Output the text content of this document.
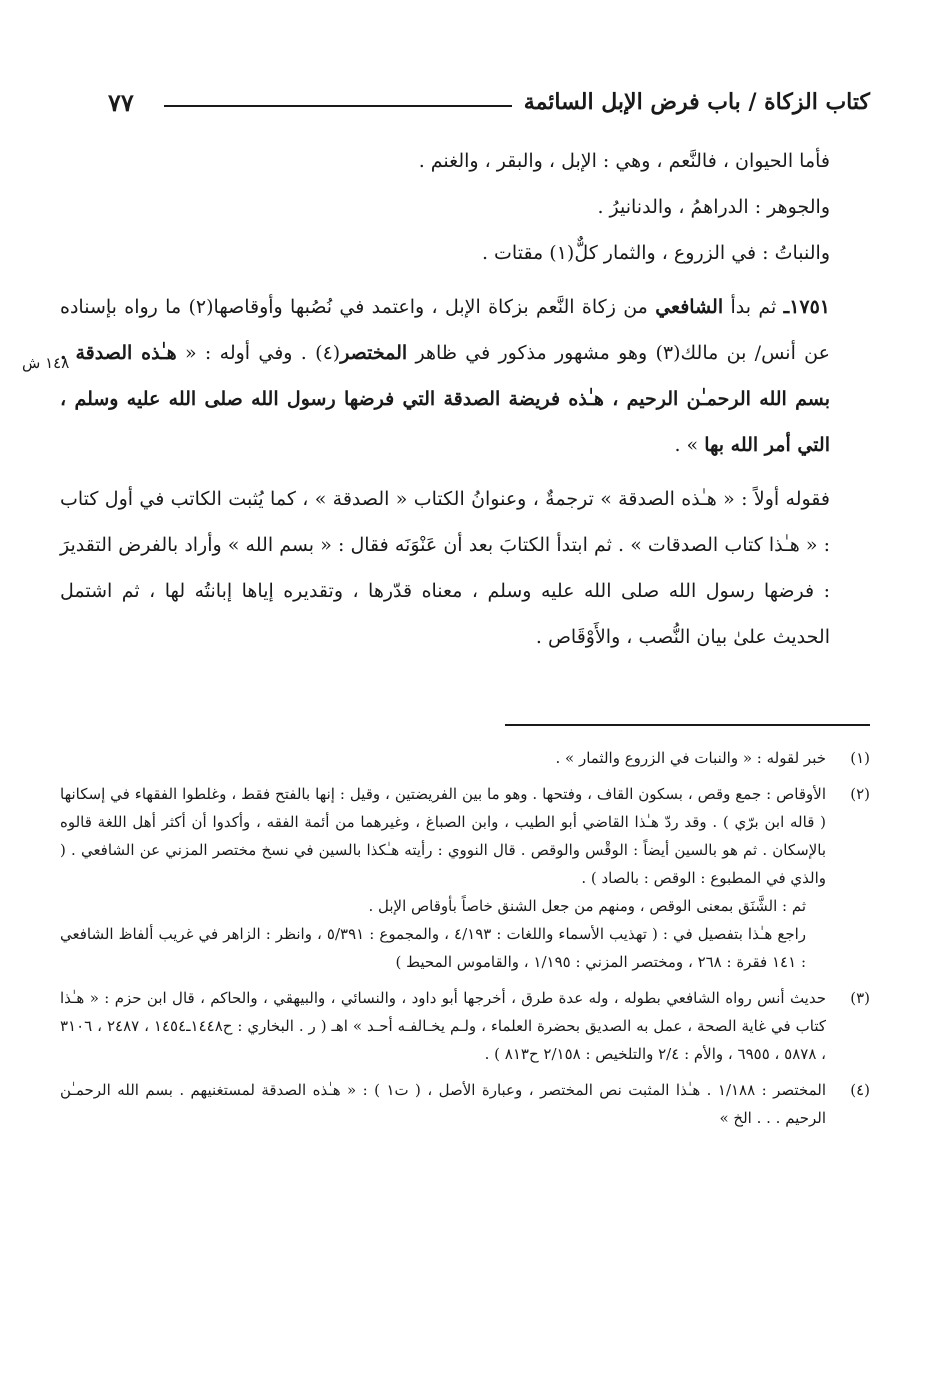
٧٧	كتاب الزكاة / باب فرض الإبل السائمة
١٤٨ ش

فأما الحيوان ، فالنَّعم ، وهي : الإبل ، والبقر ، والغنم .

والجوهر : الدراهمُ ، والدنانيرُ .

والنباتُ : في الزروع ، والثمار كلٌّ(١) مقتات .

١٧٥١ـ ثم بدأ الشافعي من زكاة النَّعم بزكاة الإبل ، واعتمد في نُصُبها وأوقاصها(٢) ما رواه بإسناده عن أنس/ بن مالك(٣) وهو مشهور مذكور في ظاهر المختصر(٤) . وفي أوله : « هـٰذه الصدقة . بسم الله الرحمـٰن الرحيم ، هـٰذه فريضة الصدقة التي فرضها رسول الله صلى الله عليه وسلم ، التي أمر الله بها » .

فقوله أولاً : « هـٰذه الصدقة » ترجمةٌ ، وعنوانُ الكتاب « الصدقة » ، كما يُثبت الكاتب في أول كتاب : « هـٰذا كتاب الصدقات » . ثم ابتدأ الكتابَ بعد أن عَنْوَنَه فقال : « بسم الله » وأراد بالفرض التقديرَ : فرضها رسول الله صلى الله عليه وسلم ، معناه قدّرها ، وتقديره إياها إبانتُه لها ، ثم اشتمل الحديث علىٰ بيان النُّصب ، والأَوْقَاص .

(١)

خبر لقوله : « والنبات في الزروع والثمار » .

(٢)

الأوقاص : جمع وقص ، بسكون القاف ، وفتحها . وهو ما بين الفريضتين ، وقيل : إنها بالفتح فقط ، وغلطوا الفقهاء في إسكانها ( قاله ابن برّي ) . وقد ردّ هـٰذا القاضي أبو الطيب ، وابن الصباغ ، وغيرهما من أئمة الفقه ، وأكدوا أن أكثر أهل اللغة قالوه بالإسكان . ثم هو بالسين أيضاً : الوقْس والوقص . قال النووي : رأيته هـٰكذا بالسين في نسخ مختصر المزني عن الشافعي . ( والذي في المطبوع : الوقص : بالصاد ) .

ثم : الشَّنَق بمعنى الوقص ، ومنهم من جعل الشنق خاصاً بأوقاص الإبل .

راجع هـٰذا بتفصيل في : ( تهذيب الأسماء واللغات : ٤/١٩٣ ، والمجموع : ٥/٣٩١ ، وانظر : الزاهر في غريب ألفاظ الشافعي : ١٤١ فقرة : ٢٦٨ ، ومختصر المزني : ١/١٩٥ ، والقاموس المحيط )

(٣)

حديث أنس رواه الشافعي بطوله ، وله عدة طرق ، أخرجها أبو داود ، والنسائي ، والبيهقي ، والحاكم ، قال ابن حزم : « هـٰذا كتاب في غاية الصحة ، عمل به الصديق بحضرة العلماء ، ولـم يخـالفـه أحـد » اهـ ( ر . البخاري : ح١٤٤٨ـ١٤٥٤ ، ٢٤٨٧ ، ٣١٠٦ ، ٥٨٧٨ ، ٦٩٥٥ ، والأم : ٢/٤ والتلخيص : ٢/١٥٨ ح٨١٣ ) .

(٤)

المختصر : ١/١٨٨ . هـٰذا المثبت نص المختصر ، وعبارة الأصل ، ( ت١ ) : « هـٰذه الصدقة لمستغنيهم . بسم الله الرحمـٰن الرحيم . . . الخ »
